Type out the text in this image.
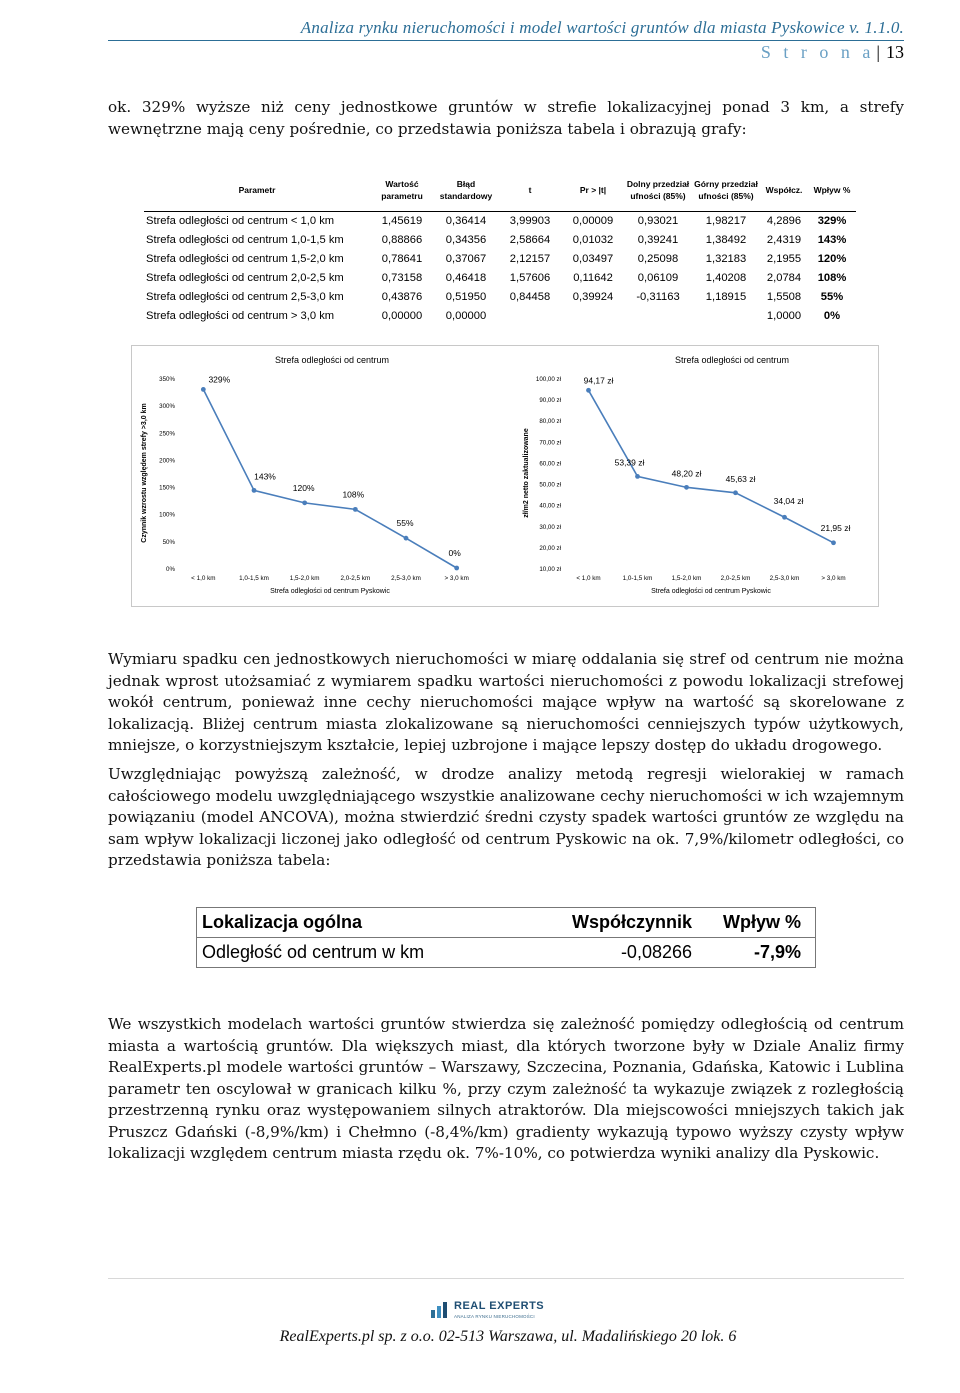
Analiza rynku nieruchomości i model wartości gruntów dla miasta Pyskowice v. 1.1.0.
S t r o n a | 13

ok. 329% wyższe niż ceny jednostkowe gruntów w strefie lokalizacyjnej ponad 3 km, a strefy wewnętrzne mają ceny pośrednie, co przedstawia poniższa tabela i obrazują grafy:

Parametr	Wartość parametru	Błąd standardowy	t	Pr > |t|	Dolny przedział ufności (85%)	Górny przedział ufności (85%)	Współcz.	Wpływ %
Strefa odległości od centrum < 1,0 km	1,45619	0,36414	3,99903	0,00009	0,93021	1,98217	4,2896	329%
Strefa odległości od centrum 1,0-1,5 km	0,88866	0,34356	2,58664	0,01032	0,39241	1,38492	2,4319	143%
Strefa odległości od centrum 1,5-2,0 km	0,78641	0,37067	2,12157	0,03497	0,25098	1,32183	2,1955	120%
Strefa odległości od centrum 2,0-2,5 km	0,73158	0,46418	1,57606	0,11642	0,06109	1,40208	2,0784	108%
Strefa odległości od centrum 2,5-3,0 km	0,43876	0,51950	0,84458	0,39924	-0,31163	1,18915	1,5508	55%
Strefa odległości od centrum > 3,0 km	0,00000	0,00000					1,0000	0%
Strefa odległości od centrum
0%
50%
100%
150%
200%
250%
300%
350%
Czynnik wzrostu względem strefy >3,0 km
< 1,0 km	1,0-1,5 km	1,5-2,0 km	2,0-2,5 km	2,5-3,0 km	> 3,0 km
Strefa odległości od centrum Pyskowic
329%
143%
120%
108%
55%
0%
Strefa odległości od centrum
10,00 zł
20,00 zł
30,00 zł
40,00 zł
50,00 zł
60,00 zł
70,00 zł
80,00 zł
90,00 zł
100,00 zł
zł/m2 netto zaktualizowane
< 1,0 km	1,0-1,5 km	1,5-2,0 km	2,0-2,5 km	2,5-3,0 km	> 3,0 km
Strefa odległości od centrum Pyskowic
94,17 zł
53,39 zł
48,20 zł
45,63 zł
34,04 zł
21,95 zł

Wymiaru spadku cen jednostkowych nieruchomości w miarę oddalania się stref od centrum nie można jednak wprost utożsamiać z wymiarem spadku wartości nieruchomości z powodu lokalizacji strefowej wokół centrum, ponieważ inne cechy nieruchomości mające wpływ na wartość są skorelowane z lokalizacją. Bliżej centrum miasta zlokalizowane są nieruchomości cenniejszych typów użytkowych, mniejsze, o korzystniejszym kształcie, lepiej uzbrojone i mające lepszy dostęp do układu drogowego.

Uwzględniając powyższą zależność, w drodze analizy metodą regresji wielorakiej w ramach całościowego modelu uwzględniającego wszystkie analizowane cechy nieruchomości w ich wzajemnym powiązaniu (model ANCOVA), można stwierdzić średni czysty spadek wartości gruntów ze względu na sam wpływ lokalizacji liczonej jako odległość od centrum Pyskowic na ok. 7,9%/kilometr odległości, co przedstawia poniższa tabela:

Lokalizacja ogólna	Współczynnik	Wpływ %
Odległość od centrum w km	-0,08266	-7,9%

We wszystkich modelach wartości gruntów stwierdza się zależność pomiędzy odległością od centrum miasta a wartością gruntów. Dla większych miast, dla których tworzone były w Dziale Analiz firmy RealExperts.pl modele wartości gruntów – Warszawy, Szczecina, Poznania, Gdańska, Katowic i Lublina parametr ten oscylował w granicach kilku %, przy czym zależność ta wykazuje związek z rozległością przestrzenną rynku oraz występowaniem silnych atraktorów. Dla miejscowości mniejszych takich jak Pruszcz Gdański (-8,9%/km) i Chełmno (-8,4%/km) gradienty wykazują typowo wyższy czysty wpływ lokalizacji względem centrum miasta rzędu ok. 7%-10%, co potwierdza wyniki analizy dla Pyskowic.

REAL EXPERTS
ANALIZA RYNKU NIERUCHOMOŚCI
RealExperts.pl sp. z o.o. 02-513 Warszawa, ul. Madalińskiego 20 lok. 6
